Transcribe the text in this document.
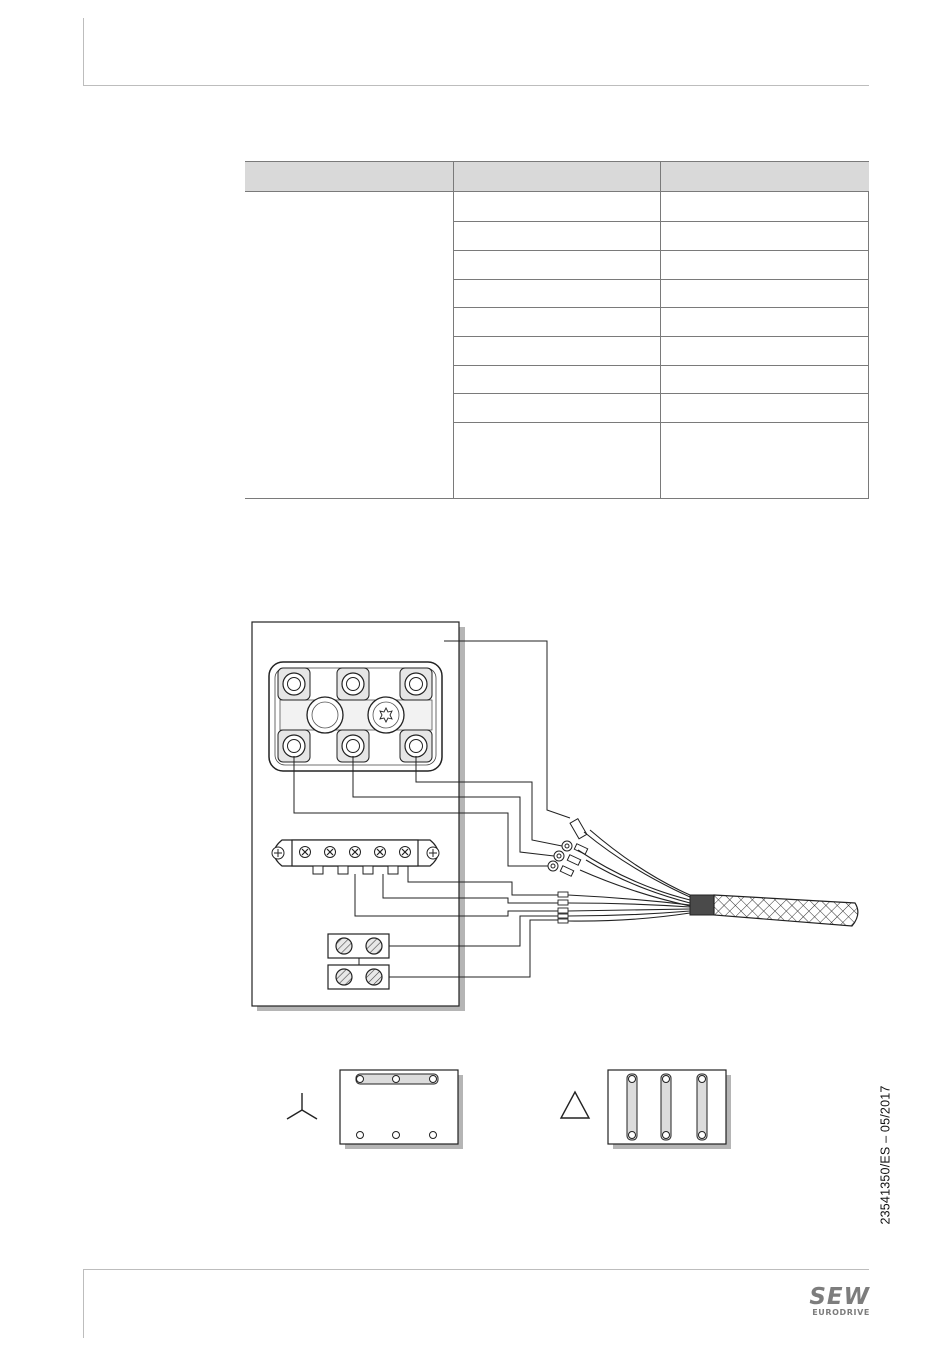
23541350/ES – 05/2017
SEW
EURODRIVE
